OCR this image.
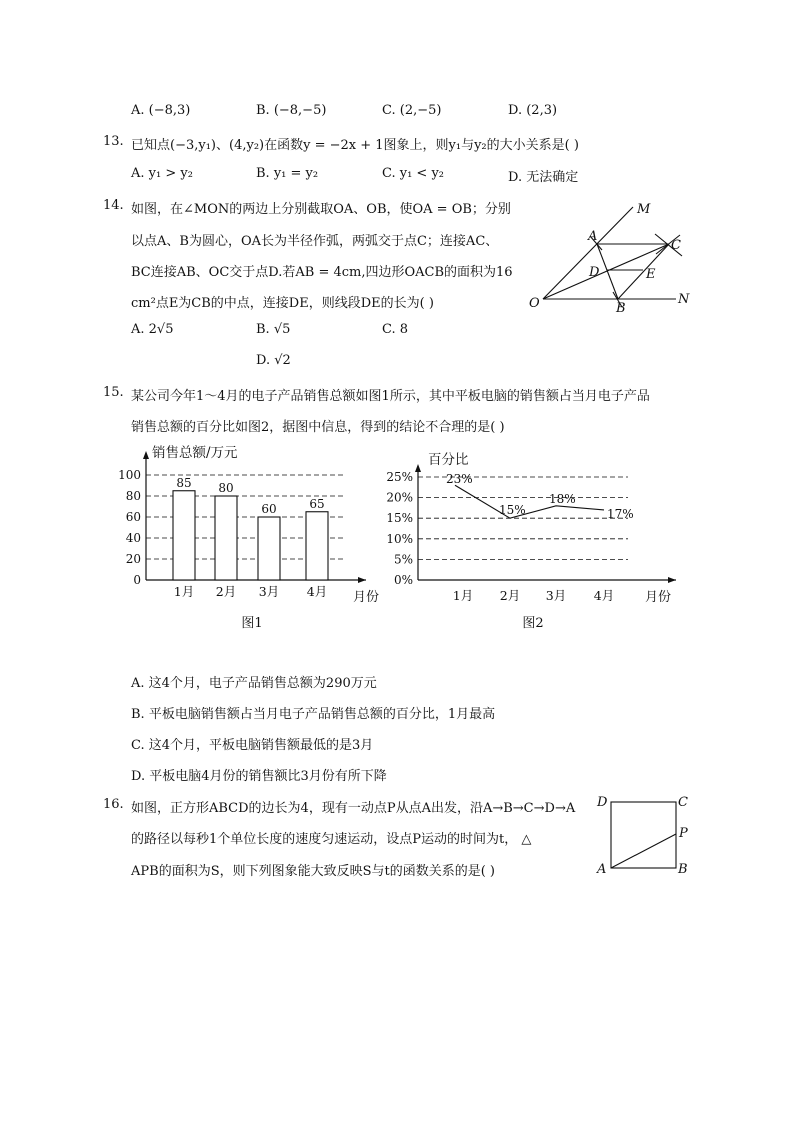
A. (−8,3)	B. (−8,−5)	C. (2,−5)	D. (2,3)
13. 已知点(−3,y₁)、(4,y₂)在函数y = −2x + 1图象上，则y₁与y₂的大小关系是( )
A. y₁ > y₂	B. y₁ = y₂	C. y₁ < y₂	D. 无法确定
14. 如图，在∠MON的两边上分别截取OA、OB，使OA = OB；分别
以点A、B为圆心，OA长为半径作弧，两弧交于点C；连接AC、
BC连接AB、OC交于点D.若AB = 4cm,四边形OACB的面积为16
cm²点E为CB的中点，连接DE，则线段DE的长为( )
A. 2√5	B. √5	C. 8
D. √2
M
A
C
D	E
O	B
N
15. 某公司今年1～4月的电子产品销售总额如图1所示，其中平板电脑的销售额占当月电子产品
销售总额的百分比如图2，据图中信息，得到的结论不合理的是( )
0
20
40
60
80
100
85
1月
80
2月
60
3月
65
4月
销售总额/万元
月份
图1
0%
5%
10%
15%
20%
25%
1月 2月 3月 4月
23%
15%
18%
17%
百分比
月份
图2
A. 这4个月，电子产品销售总额为290万元
B. 平板电脑销售额占当月电子产品销售总额的百分比，1月最高
C. 这4个月，平板电脑销售额最低的是3月
D. 平板电脑4月份的销售额比3月份有所下降
16. 如图，正方形ABCD的边长为4，现有一动点P从点A出发，沿A→B→C→D→A
的路径以每秒1个单位长度的速度匀速运动，设点P运动的时间为t， △
APB的面积为S，则下列图象能大致反映S与t的函数关系的是( )
D	C
P
A	B
